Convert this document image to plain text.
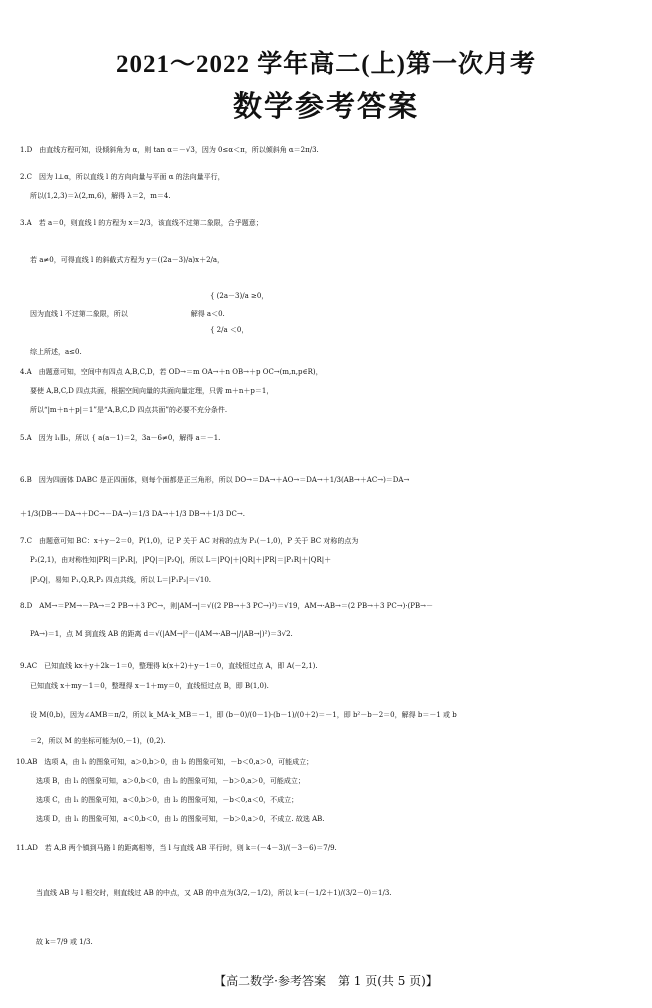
2021～2022 学年高二(上)第一次月考
数学参考答案
1.D　由直线方程可知，设倾斜角为 α，则 tan α＝－√3，因为 0≤α＜π，所以倾斜角 α＝2π/3.
2.C　因为 l⊥α，所以直线 l 的方向向量与平面 α 的法向量平行，
所以(1,2,3)＝λ(2,m,6)，解得 λ＝2，m＝4.
3.A　若 a＝0，则直线 l 的方程为 x＝2/3，该直线不过第二象限，合乎题意；
若 a≠0，可得直线 l 的斜截式方程为 y＝((2a－3)/a)x＋2/a，
{ (2a－3)/a ≥0，
因为直线 l 不过第二象限，所以　　　　　　　　　解得 a＜0.
{ 2/a ＜0，
综上所述，a≤0.
4.A　由题意可知，空间中有四点 A,B,C,D，若 OD→＝m OA→＋n OB→＋p OC→(m,n,p∈R)，
要使 A,B,C,D 四点共面，根据空间向量的共面向量定理，只需 m＋n＋p＝1，
所以“|m＋n＋p|＝1”是“A,B,C,D 四点共面”的必要不充分条件.
5.A　因为 l₁∥l₂，所以 { a(a－1)＝2，3a－6≠0，解得 a＝－1.
6.B　因为四面体 DABC 是正四面体，则每个面都是正三角形，所以 DO→＝DA→＋AO→＝DA→＋1/3(AB→＋AC→)＝DA→
＋1/3(DB→－DA→＋DC→－DA→)＝1/3 DA→＋1/3 DB→＋1/3 DC→.
7.C　由题意可知 BC：x＋y－2＝0，P(1,0)，记 P 关于 AC 对称的点为 P₁(－1,0)，P 关于 BC 对称的点为
P₂(2,1)，由对称性知|PR|＝|P₁R|，|PQ|＝|P₂Q|，所以 L＝|PQ|＋|QR|＋|PR|＝|P₁R|＋|QR|＋
|P₂Q|，易知 P₁,Q,R,P₂ 四点共线，所以 L＝|P₁P₂|＝√10.
8.D　AM→＝PM→－PA→＝2 PB→＋3 PC→，则|AM→|＝√((2 PB→＋3 PC→)²)＝√19，AM→·AB→＝(2 PB→＋3 PC→)·(PB→－
PA→)＝1，点 M 到直线 AB 的距离 d＝√(|AM→|²－(|AM→·AB→|/|AB→|)²)＝3√2.
9.AC　已知直线 kx＋y＋2k－1＝0，整理得 k(x＋2)＋y－1＝0，直线恒过点 A，即 A(－2,1).
已知直线 x＋my－1＝0，整理得 x－1＋my＝0，直线恒过点 B，即 B(1,0).
设 M(0,b)，因为∠AMB＝π/2，所以 k_MA·k_MB＝－1，即 (b－0)/(0－1)·(b－1)/(0＋2)＝－1，即 b²－b－2＝0，解得 b＝－1 或 b
＝2，所以 M 的坐标可能为(0,－1)，(0,2).
10.AB　选项 A，由 l₁ 的图象可知，a＞0,b＞0，由 l₂ 的图象可知，－b＜0,a＞0，可能成立；
选项 B，由 l₁ 的图象可知，a＞0,b＜0，由 l₂ 的图象可知，－b＞0,a＞0，可能成立；
选项 C，由 l₁ 的图象可知，a＜0,b＞0，由 l₂ 的图象可知，－b＜0,a＜0，不成立；
选项 D，由 l₁ 的图象可知，a＜0,b＜0，由 l₂ 的图象可知，－b＞0,a＞0，不成立. 故选 AB.
11.AD　若 A,B 两个镇到马路 l 的距离相等，当 l 与直线 AB 平行时，则 k＝(－4－3)/(－3－6)＝7/9.
当直线 AB 与 l 相交时，则直线过 AB 的中点，又 AB 的中点为(3/2,－1/2)，所以 k＝(－1/2＋1)/(3/2－0)＝1/3.
故 k＝7/9 或 1/3.
【高二数学·参考答案　第 1 页(共 5 页)】
